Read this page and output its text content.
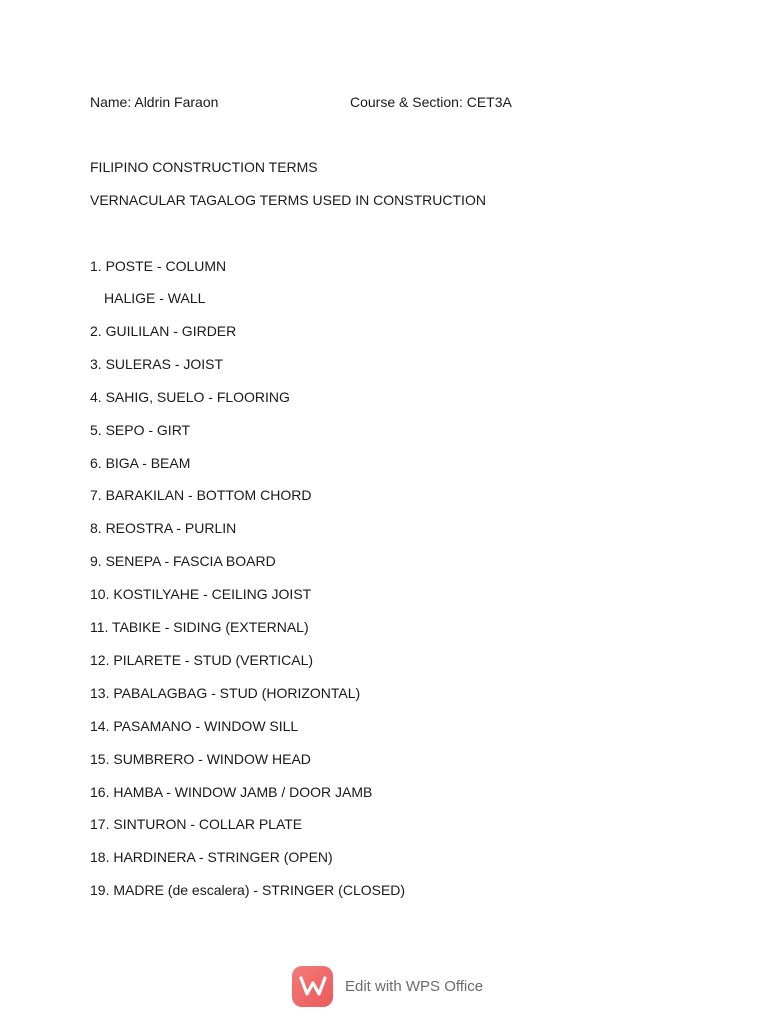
Name: Aldrin Faraon	Course & Section: CET3A
FILIPINO CONSTRUCTION TERMS
VERNACULAR TAGALOG TERMS USED IN CONSTRUCTION
1. POSTE - COLUMN
HALIGE - WALL
2. GUILILAN - GIRDER
3. SULERAS - JOIST
4. SAHIG, SUELO - FLOORING
5. SEPO - GIRT
6. BIGA - BEAM
7. BARAKILAN - BOTTOM CHORD
8. REOSTRA - PURLIN
9. SENEPA - FASCIA BOARD
10. KOSTILYAHE - CEILING JOIST
11. TABIKE - SIDING (EXTERNAL)
12. PILARETE - STUD (VERTICAL)
13. PABALAGBAG - STUD (HORIZONTAL)
14. PASAMANO - WINDOW SILL
15. SUMBRERO - WINDOW HEAD
16. HAMBA - WINDOW JAMB / DOOR JAMB
17. SINTURON - COLLAR PLATE
18. HARDINERA - STRINGER (OPEN)
19. MADRE (de escalera) - STRINGER (CLOSED)
Edit with WPS Office
